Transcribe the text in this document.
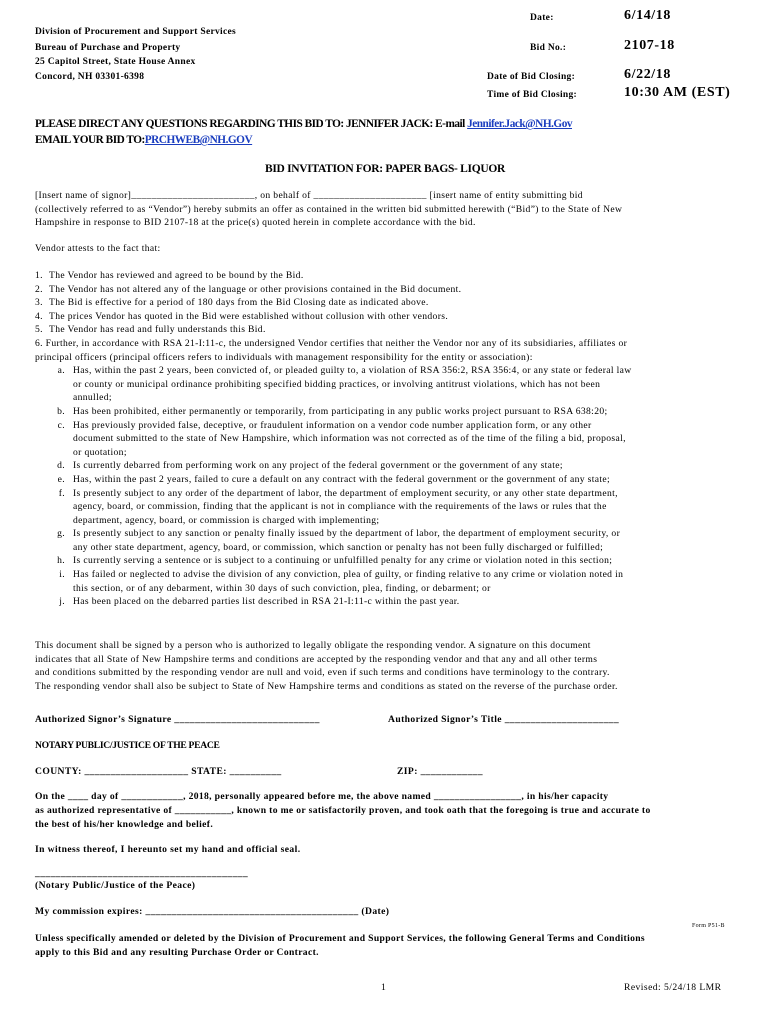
Division of Procurement and Support Services
Bureau of Purchase and Property
25 Capitol Street, State House Annex
Concord, NH 03301-6398
Date:	6/14/18
Bid No.:	2107-18
Date of Bid Closing:	6/22/18
Time of Bid Closing:	10:30 AM (EST)
PLEASE DIRECT ANY QUESTIONS REGARDING THIS BID TO: JENNIFER JACK: E-mail Jennifer.Jack@NH.Gov
EMAIL YOUR BID TO:PRCHWEB@NH.GOV
BID INVITATION FOR: PAPER BAGS- LIQUOR
[Insert name of signor]________________________, on behalf of ______________________ [insert name of entity submitting bid
(collectively referred to as “Vendor”) hereby submits an offer as contained in the written bid submitted herewith (“Bid”) to the State of New
Hampshire in response to BID 2107-18 at the price(s) quoted herein in complete accordance with the bid.
Vendor attests to the fact that:
1. The Vendor has reviewed and agreed to be bound by the Bid.
2. The Vendor has not altered any of the language or other provisions contained in the Bid document.
3. The Bid is effective for a period of 180 days from the Bid Closing date as indicated above.
4. The prices Vendor has quoted in the Bid were established without collusion with other vendors.
5. The Vendor has read and fully understands this Bid.
6. Further, in accordance with RSA 21-I:11-c, the undersigned Vendor certifies that neither the Vendor nor any of its subsidiaries, affiliates or
principal officers (principal officers refers to individuals with management responsibility for the entity or association):
a. Has, within the past 2 years, been convicted of, or pleaded guilty to, a violation of RSA 356:2, RSA 356:4, or any state or federal law
or county or municipal ordinance prohibiting specified bidding practices, or involving antitrust violations, which has not been
annulled;
b. Has been prohibited, either permanently or temporarily, from participating in any public works project pursuant to RSA 638:20;
c. Has previously provided false, deceptive, or fraudulent information on a vendor code number application form, or any other
document submitted to the state of New Hampshire, which information was not corrected as of the time of the filing a bid, proposal,
or quotation;
d. Is currently debarred from performing work on any project of the federal government or the government of any state;
e. Has, within the past 2 years, failed to cure a default on any contract with the federal government or the government of any state;
f. Is presently subject to any order of the department of labor, the department of employment security, or any other state department,
agency, board, or commission, finding that the applicant is not in compliance with the requirements of the laws or rules that the
department, agency, board, or commission is charged with implementing;
g. Is presently subject to any sanction or penalty finally issued by the department of labor, the department of employment security, or
any other state department, agency, board, or commission, which sanction or penalty has not been fully discharged or fulfilled;
h. Is currently serving a sentence or is subject to a continuing or unfulfilled penalty for any crime or violation noted in this section;
i. Has failed or neglected to advise the division of any conviction, plea of guilty, or finding relative to any crime or violation noted in
this section, or of any debarment, within 30 days of such conviction, plea, finding, or debarment; or
j. Has been placed on the debarred parties list described in RSA 21-I:11-c within the past year.
This document shall be signed by a person who is authorized to legally obligate the responding vendor. A signature on this document
indicates that all State of New Hampshire terms and conditions are accepted by the responding vendor and that any and all other terms
and conditions submitted by the responding vendor are null and void, even if such terms and conditions have terminology to the contrary.
The responding vendor shall also be subject to State of New Hampshire terms and conditions as stated on the reverse of the purchase order.
Authorized Signor’s Signature ____________________________	Authorized Signor’s Title ______________________
NOTARY PUBLIC/JUSTICE OF THE PEACE
COUNTY: ____________________ STATE: __________	ZIP: ____________
On the ____ day of ____________, 2018, personally appeared before me, the above named _________________, in his/her capacity
as authorized representative of ___________, known to me or satisfactorily proven, and took oath that the foregoing is true and accurate to
the best of his/her knowledge and belief.
In witness thereof, I hereunto set my hand and official seal.
_________________________________________
(Notary Public/Justice of the Peace)
My commission expires: _________________________________________ (Date)
Form P51-B
Unless specifically amended or deleted by the Division of Procurement and Support Services, the following General Terms and Conditions
apply to this Bid and any resulting Purchase Order or Contract.
1	Revised: 5/24/18 LMR
